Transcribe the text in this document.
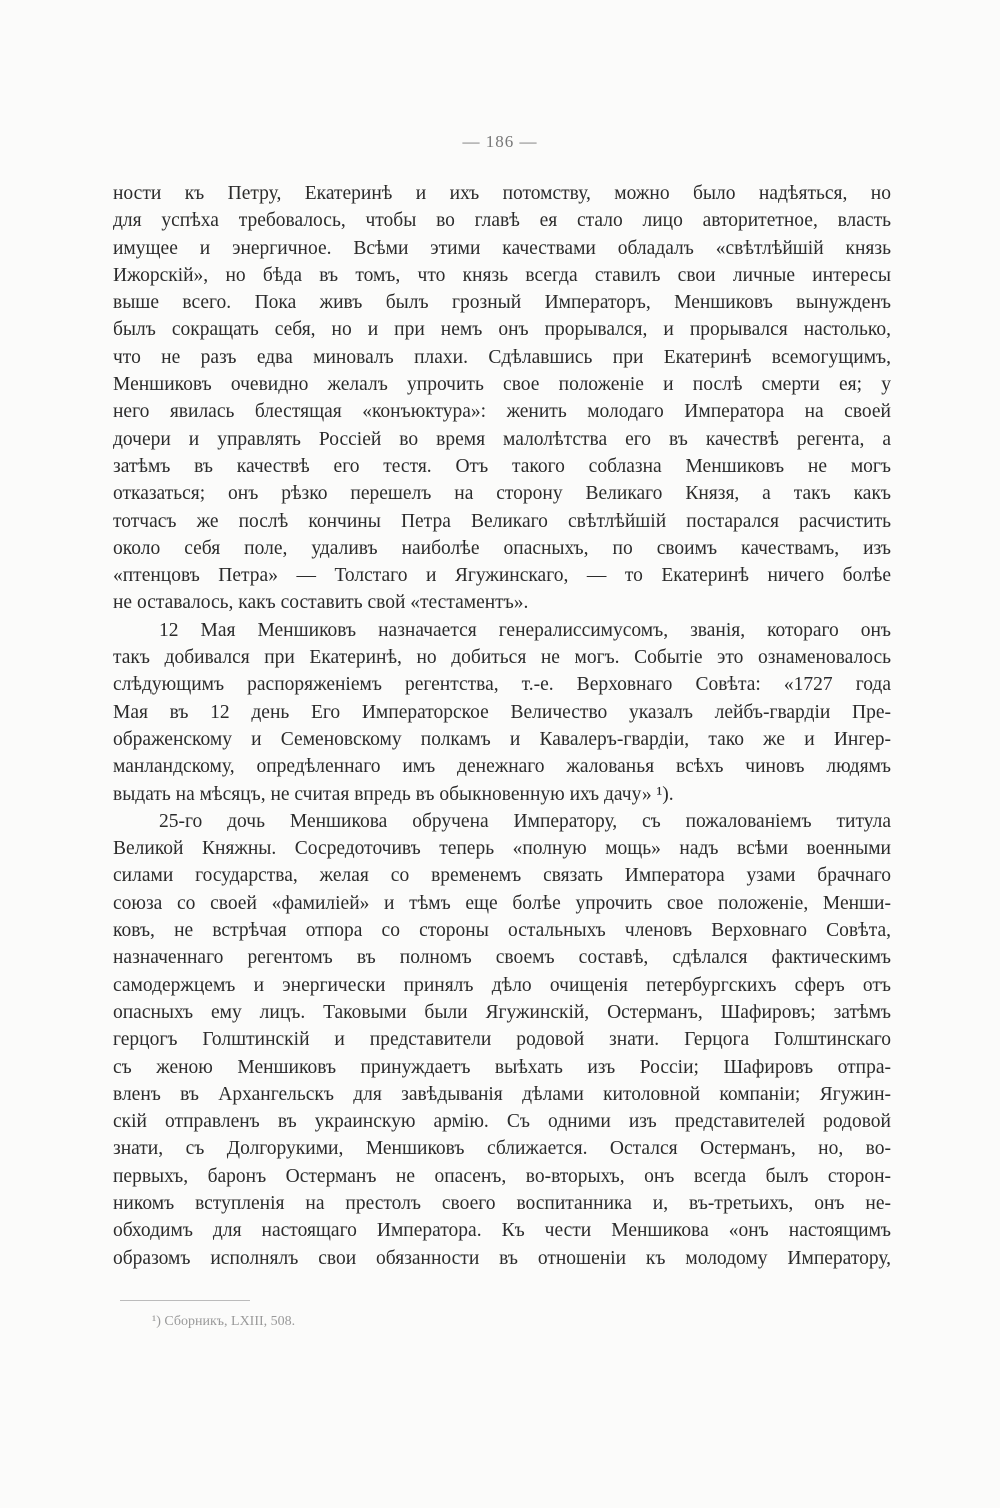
— 186 —
ности къ Петру, Екатеринѣ и ихъ потомству, можно было надѣяться, но
для успѣха требовалось, чтобы во главѣ ея стало лицо авторитетное, власть
имущее и энергичное. Всѣми этими качествами обладалъ «свѣтлѣйшій князь
Ижорскій», но бѣда въ томъ, что князь всегда ставилъ свои личные интересы
выше всего. Пока живъ былъ грозный Императоръ, Меншиковъ вынужденъ
былъ сокращать себя, но и при немъ онъ прорывался, и прорывался настолько,
что не разъ едва миновалъ плахи. Сдѣлавшись при Екатеринѣ всемогущимъ,
Меншиковъ очевидно желалъ упрочить свое положеніе и послѣ смерти ея; у
него явилась блестящая «конъюктура»: женить молодаго Императора на своей
дочери и управлять Россіей во время малолѣтства его въ качествѣ регента, а
затѣмъ въ качествѣ его тестя. Отъ такого соблазна Меншиковъ не могъ
отказаться; онъ рѣзко перешелъ на сторону Великаго Князя, а такъ какъ
тотчасъ же послѣ кончины Петра Великаго свѣтлѣйшій постарался расчистить
около себя поле, удаливъ наиболѣе опасныхъ, по своимъ качествамъ, изъ
«птенцовъ Петра» — Толстаго и Ягужинскаго, — то Екатеринѣ ничего болѣе
не оставалось, какъ составить свой «тестаментъ».
12 Мая Меншиковъ назначается генералиссимусомъ, званія, котораго онъ
такъ добивался при Екатеринѣ, но добиться не могъ. Событіе это ознаменовалось
слѣдующимъ распоряженіемъ регентства, т.-е. Верховнаго Совѣта: «1727 года
Мая въ 12 день Его Императорское Величество указалъ лейбъ-гвардіи Пре-
ображенскому и Семеновскому полкамъ и Кавалеръ-гвардіи, тако же и Ингер-
манландскому, опредѣленнаго имъ денежнаго жалованья всѣхъ чиновъ людямъ
выдать на мѣсяцъ, не считая впредь въ обыкновенную ихъ дачу» ¹).
25-го дочь Меншикова обручена Императору, съ пожалованіемъ титула
Великой Княжны. Сосредоточивъ теперь «полную мощь» надъ всѣми военными
силами государства, желая со временемъ связать Императора узами брачнаго
союза со своей «фамиліей» и тѣмъ еще болѣе упрочить свое положеніе, Менши-
ковъ, не встрѣчая отпора со стороны остальныхъ членовъ Верховнаго Совѣта,
назначеннаго регентомъ въ полномъ своемъ составѣ, сдѣлался фактическимъ
самодержцемъ и энергически принялъ дѣло очищенія петербургскихъ сферъ отъ
опасныхъ ему лицъ. Таковыми были Ягужинскій, Остерманъ, Шафировъ; затѣмъ
герцогъ Голштинскій и представители родовой знати. Герцога Голштинскаго
съ женою Меншиковъ принуждаетъ выѣхать изъ Россіи; Шафировъ отпра-
вленъ въ Архангельскъ для завѣдыванія дѣлами китоловной компаніи; Ягужин-
скій отправленъ въ украинскую армію. Съ одними изъ представителей родовой
знати, съ Долгорукими, Меншиковъ сближается. Остался Остерманъ, но, во-
первыхъ, баронъ Остерманъ не опасенъ, во-вторыхъ, онъ всегда былъ сторон-
никомъ вступленія на престолъ своего воспитанника и, въ-третьихъ, онъ не-
обходимъ для настоящаго Императора. Къ чести Меншикова «онъ настоящимъ
образомъ исполнялъ свои обязанности въ отношеніи къ молодому Императору,
¹) Сборникъ, LXIII, 508.
